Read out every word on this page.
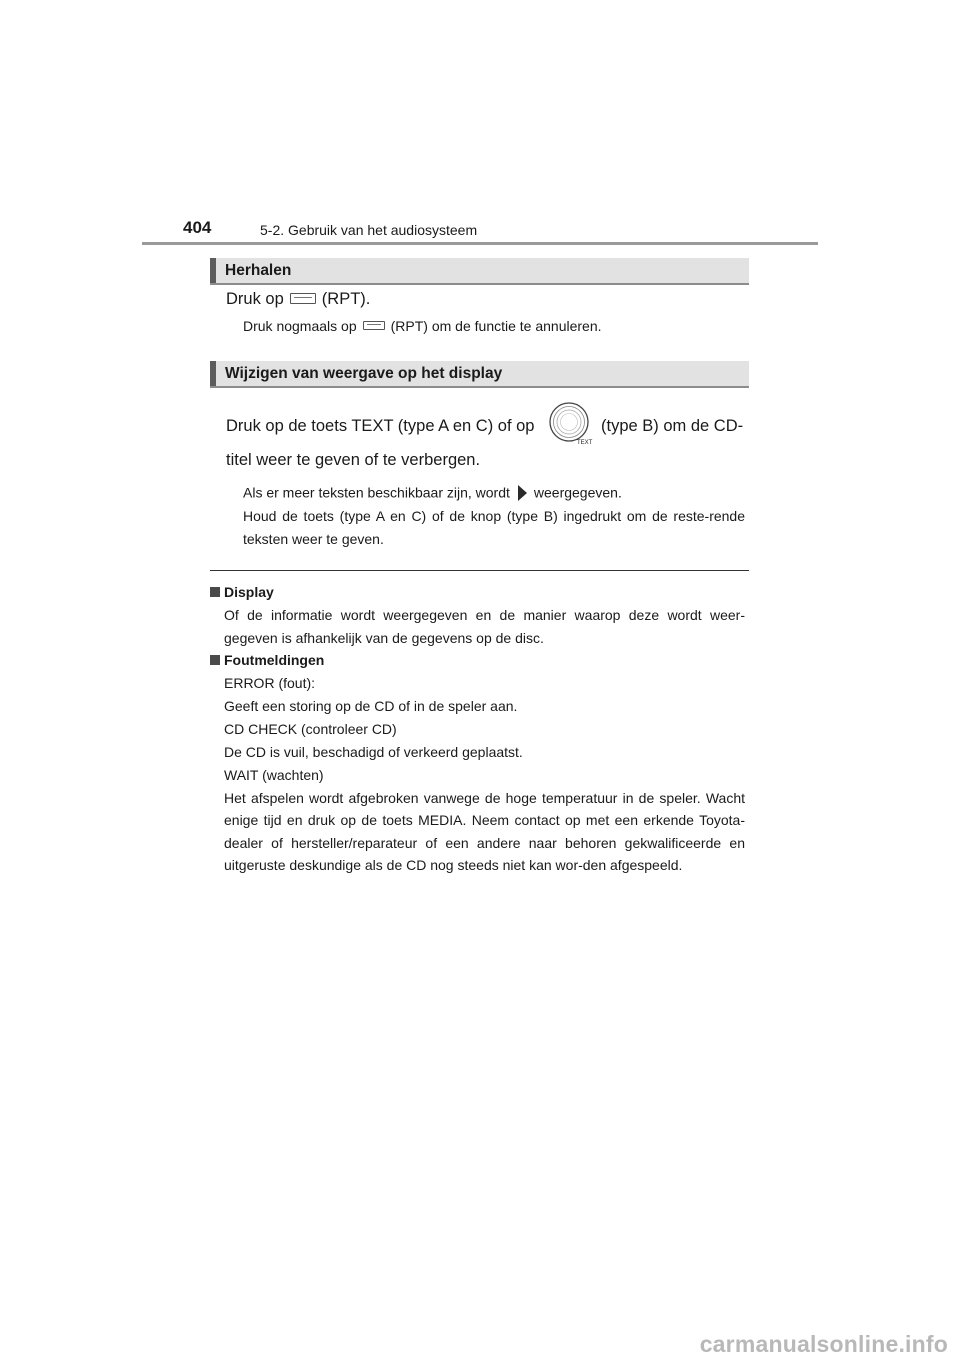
404	5-2. Gebruik van het audiosysteem
Herhalen
Druk op (RPT).
Druk nogmaals op (RPT) om de functie te annuleren.
Wijzigen van weergave op het display
Druk op de toets TEXT (type A en C) of op
TEXT
(type B) om de CD-
titel weer te geven of te verbergen.
Als er meer teksten beschikbaar zijn, wordt weergegeven.
Houd de toets (type A en C) of de knop (type B) ingedrukt om de reste-rende teksten weer te geven.
Display
Of de informatie wordt weergegeven en de manier waarop deze wordt weer-gegeven is afhankelijk van de gegevens op de disc.
Foutmeldingen

ERROR (fout):

Geeft een storing op de CD of in de speler aan.

CD CHECK (controleer CD)

De CD is vuil, beschadigd of verkeerd geplaatst.

WAIT (wachten)

Het afspelen wordt afgebroken vanwege de hoge temperatuur in de speler. Wacht enige tijd en druk op de toets MEDIA. Neem contact op met een erkende Toyota-dealer of hersteller/reparateur of een andere naar behoren gekwalificeerde en uitgeruste deskundige als de CD nog steeds niet kan wor-den afgespeeld.

carmanualsonline.info
